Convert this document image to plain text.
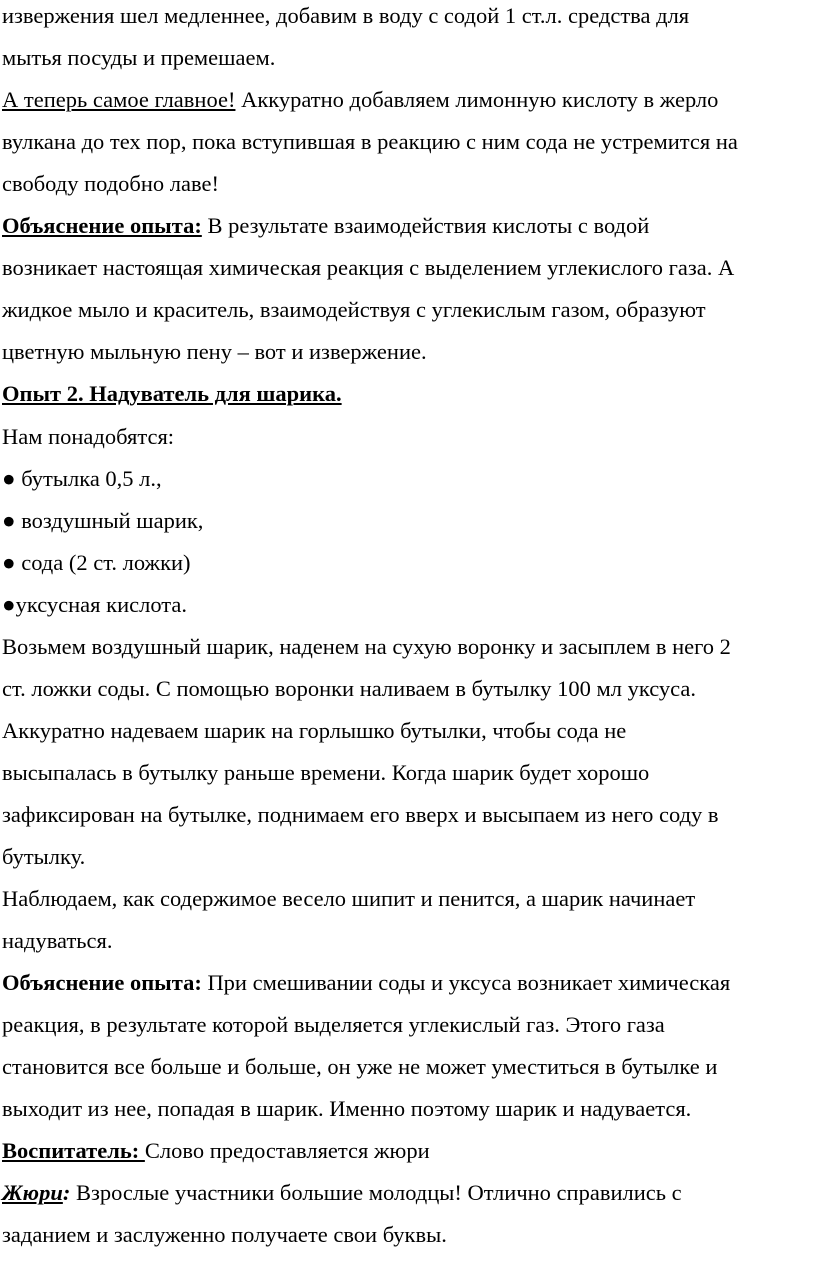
извержения шел медленнее, добавим в воду с содой 1 ст.л. средства для
мытья посуды и премешаем.
А теперь самое главное! Аккуратно добавляем лимонную кислоту в жерло
вулкана до тех пор, пока вступившая в реакцию с ним сода не устремится на
свободу подобно лаве!
Объяснение опыта: В результате взаимодействия кислоты с водой
возникает настоящая химическая реакция с выделением углекислого газа. А
жидкое мыло и краситель, взаимодействуя с углекислым газом, образуют
цветную мыльную пену – вот и извержение.
Опыт 2. Надуватель для шарика.
Нам понадобятся:
● бутылка 0,5 л.,
● воздушный шарик,
● сода (2 ст. ложки)
●уксусная кислота.
Возьмем воздушный шарик, наденем на сухую воронку и засыплем в него 2
ст. ложки соды. С помощью воронки наливаем в бутылку 100 мл уксуса.
Аккуратно надеваем шарик на горлышко бутылки, чтобы сода не
высыпалась в бутылку раньше времени. Когда шарик будет хорошо
зафиксирован на бутылке, поднимаем его вверх и высыпаем из него соду в
бутылку.
Наблюдаем, как содержимое весело шипит и пенится, а шарик начинает
надуваться.
Объяснение опыта: При смешивании соды и уксуса возникает химическая
реакция, в результате которой выделяется углекислый газ. Этого газа
становится все больше и больше, он уже не может уместиться в бутылке и
выходит из нее, попадая в шарик. Именно поэтому шарик и надувается.
Воспитатель: Слово предоставляется жюри
Жюри: Взрослые участники большие молодцы! Отлично справились с
заданием и заслуженно получаете свои буквы.
